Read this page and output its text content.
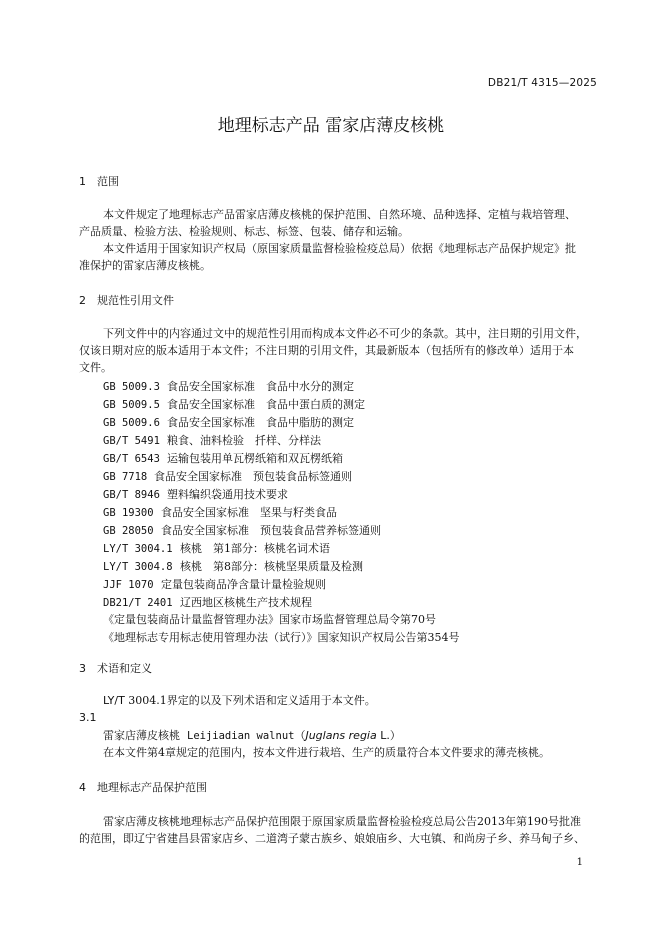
DB21/T 4315—2025
地理标志产品 雷家店薄皮核桃
1 范围
本文件规定了地理标志产品雷家店薄皮核桃的保护范围、自然环境、品种选择、定植与栽培管理、
产品质量、检验方法、检验规则、标志、标签、包装、储存和运输。
本文件适用于国家知识产权局（原国家质量监督检验检疫总局）依据《地理标志产品保护规定》批
准保护的雷家店薄皮核桃。
2 规范性引用文件
下列文件中的内容通过文中的规范性引用而构成本文件必不可少的条款。其中，注日期的引用文件，
仅该日期对应的版本适用于本文件；不注日期的引用文件，其最新版本（包括所有的修改单）适用于本
文件。
GB 5009.3 食品安全国家标准　食品中水分的测定
GB 5009.5 食品安全国家标准　食品中蛋白质的测定
GB 5009.6 食品安全国家标准　食品中脂肪的测定
GB/T 5491 粮食、油料检验　扦样、分样法
GB/T 6543 运输包装用单瓦楞纸箱和双瓦楞纸箱
GB 7718 食品安全国家标准　预包装食品标签通则
GB/T 8946 塑料编织袋通用技术要求
GB 19300 食品安全国家标准　坚果与籽类食品
GB 28050 食品安全国家标准　预包装食品营养标签通则
LY/T 3004.1 核桃　第1部分：核桃名词术语
LY/T 3004.8 核桃　第8部分：核桃坚果质量及检测
JJF 1070 定量包装商品净含量计量检验规则
DB21/T 2401 辽西地区核桃生产技术规程
《定量包装商品计量监督管理办法》国家市场监督管理总局令第70号
《地理标志专用标志使用管理办法（试行）》国家知识产权局公告第354号
3 术语和定义
LY/T 3004.1界定的以及下列术语和定义适用于本文件。
3.1
雷家店薄皮核桃 Leijiadian walnut（Juglans regia L.）
在本文件第4章规定的范围内，按本文件进行栽培、生产的质量符合本文件要求的薄壳核桃。
4 地理标志产品保护范围
雷家店薄皮核桃地理标志产品保护范围限于原国家质量监督检验检疫总局公告2013年第190号批准
的范围，即辽宁省建昌县雷家店乡、二道湾子蒙古族乡、娘娘庙乡、大屯镇、和尚房子乡、养马甸子乡、
1
